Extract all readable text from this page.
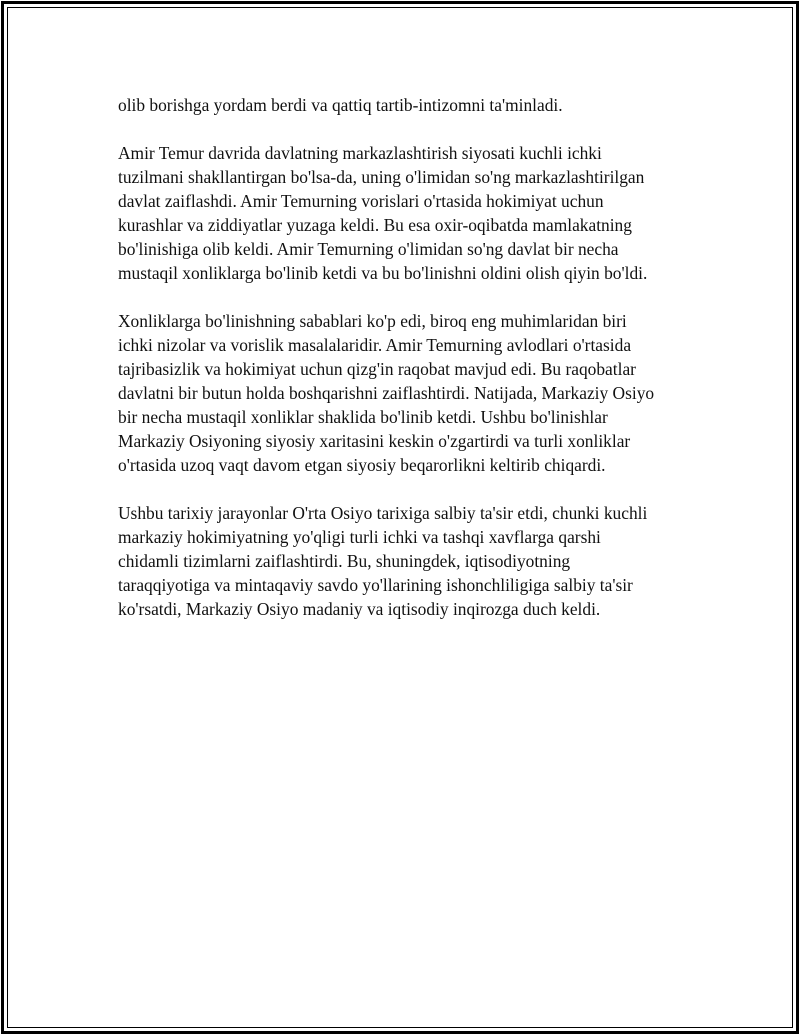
olib borishga yordam berdi va qattiq tartib-intizomni ta'minladi.

Amir Temur davrida davlatning markazlashtirish siyosati kuchli ichki
tuzilmani shakllantirgan bo'lsa-da, uning o'limidan so'ng markazlashtirilgan
davlat zaiflashdi. Amir Temurning vorislari o'rtasida hokimiyat uchun
kurashlar va ziddiyatlar yuzaga keldi. Bu esa oxir-oqibatda mamlakatning
bo'linishiga olib keldi. Amir Temurning o'limidan so'ng davlat bir necha
mustaqil xonliklarga bo'linib ketdi va bu bo'linishni oldini olish qiyin bo'ldi.

Xonliklarga bo'linishning sabablari ko'p edi, biroq eng muhimlaridan biri
ichki nizolar va vorislik masalalaridir. Amir Temurning avlodlari o'rtasida
tajribasizlik va hokimiyat uchun qizg'in raqobat mavjud edi. Bu raqobatlar
davlatni bir butun holda boshqarishni zaiflashtirdi. Natijada, Markaziy Osiyo
bir necha mustaqil xonliklar shaklida bo'linib ketdi. Ushbu bo'linishlar
Markaziy Osiyoning siyosiy xaritasini keskin o'zgartirdi va turli xonliklar
o'rtasida uzoq vaqt davom etgan siyosiy beqarorlikni keltirib chiqardi.

Ushbu tarixiy jarayonlar O'rta Osiyo tarixiga salbiy ta'sir etdi, chunki kuchli
markaziy hokimiyatning yo'qligi turli ichki va tashqi xavflarga qarshi
chidamli tizimlarni zaiflashtirdi. Bu, shuningdek, iqtisodiyotning
taraqqiyotiga va mintaqaviy savdo yo'llarining ishonchliligiga salbiy ta'sir
ko'rsatdi, Markaziy Osiyo madaniy va iqtisodiy inqirozga duch keldi.
